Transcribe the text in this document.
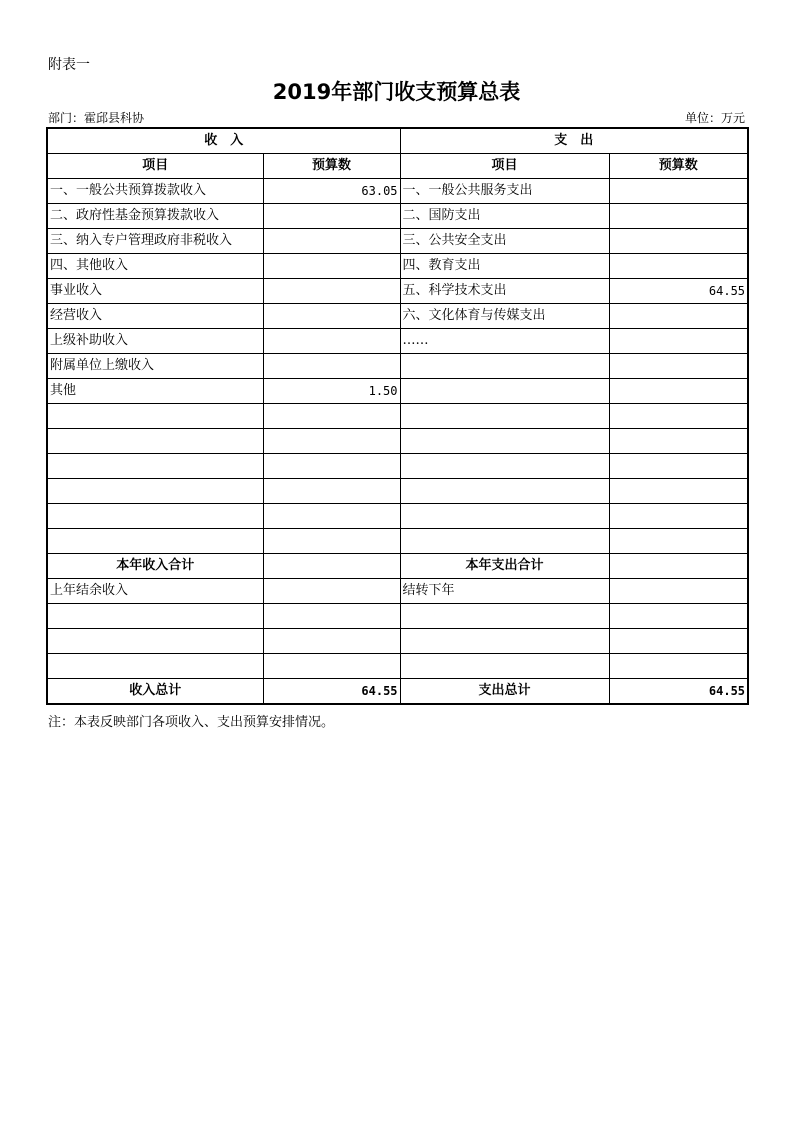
附表一
2019年部门收支预算总表
部门：霍邱县科协	单位：万元
收　入		支　出	
项目	预算数	项目	预算数
一、一般公共预算拨款收入	63.05	一、一般公共服务支出	
二、政府性基金预算拨款收入		二、国防支出	
三、纳入专户管理政府非税收入		三、公共安全支出	
四、其他收入		四、教育支出	
事业收入		五、科学技术支出	64.55
经营收入		六、文化体育与传媒支出	
上级补助收入		……	
附属单位上缴收入			
其他	1.50		

本年收入合计		本年支出合计	
上年结余收入		结转下年	

收入总计	64.55	支出总计	64.55
注：本表反映部门各项收入、支出预算安排情况。
